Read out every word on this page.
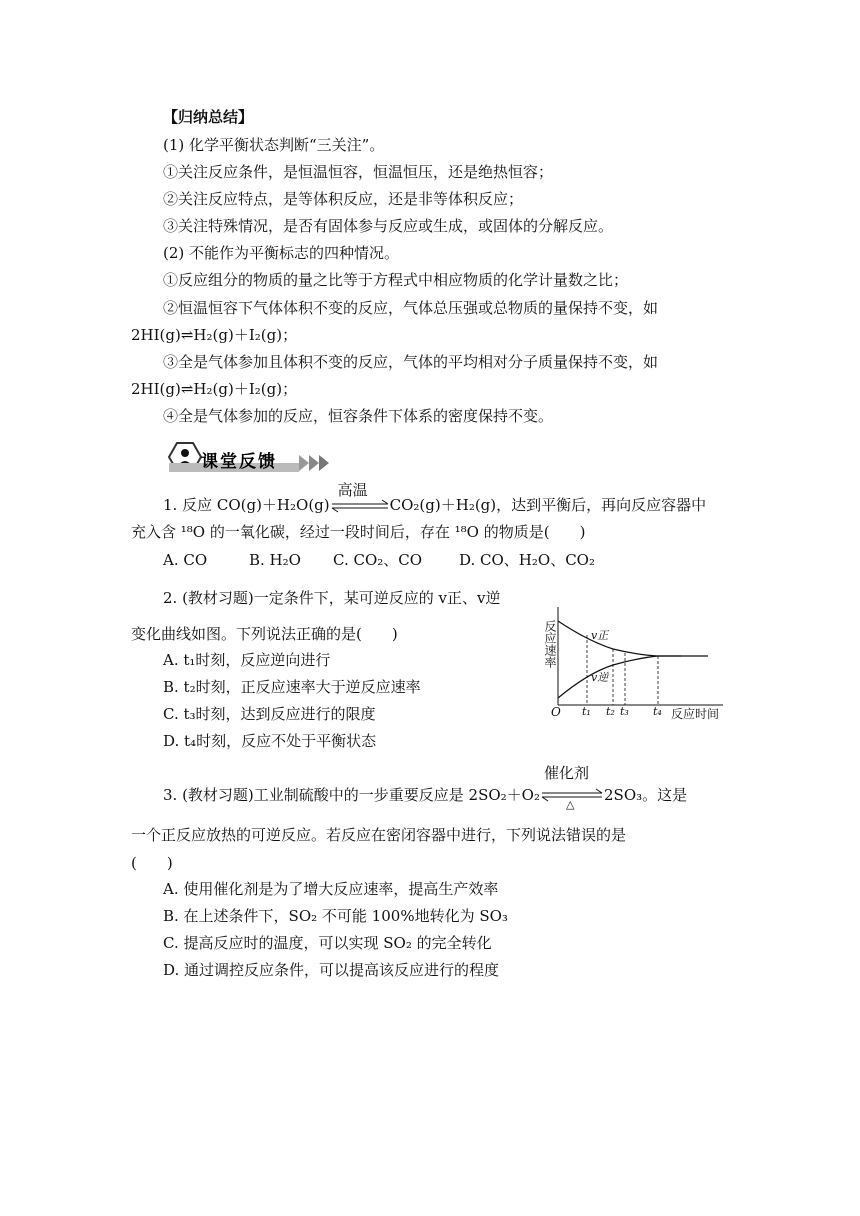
【归纳总结】
(1) 化学平衡状态判断“三关注”。
①关注反应条件，是恒温恒容，恒温恒压，还是绝热恒容；
②关注反应特点，是等体积反应，还是非等体积反应；
③关注特殊情况，是否有固体参与反应或生成，或固体的分解反应。
(2) 不能作为平衡标志的四种情况。
①反应组分的物质的量之比等于方程式中相应物质的化学计量数之比；
②恒温恒容下气体体积不变的反应，气体总压强或总物质的量保持不变，如
2HI(g)⇌H₂(g)＋I₂(g)；
③全是气体参加且体积不变的反应，气体的平均相对分子质量保持不变，如
2HI(g)⇌H₂(g)＋I₂(g)；
④全是气体参加的反应，恒容条件下体系的密度保持不变。
课堂反馈
1. 反应 CO(g)＋H₂O(g)
高温
CO₂(g)＋H₂(g)，达到平衡后，再向反应容器中
充入含 ¹⁸O 的一氧化碳，经过一段时间后，存在 ¹⁸O 的物质是(　　)
A. CO	B. H₂O C. CO₂、CO D. CO、H₂O、CO₂
2. (教材习题)一定条件下，某可逆反应的 v正、v逆
变化曲线如图。下列说法正确的是(　　)
A. t₁时刻，反应逆向进行
B. t₂时刻，正反应速率大于逆反应速率
C. t₃时刻，达到反应进行的限度
D. t₄时刻，反应不处于平衡状态
反应速率
O t₁ t₂ t₃ t₄ 反应时间
v正
v逆
3. (教材习题)工业制硫酸中的一步重要反应是 2SO₂＋O₂
催化剂
△
2SO₃。这是
一个正反应放热的可逆反应。若反应在密闭容器中进行，下列说法错误的是
(　　)
A. 使用催化剂是为了增大反应速率，提高生产效率
B. 在上述条件下，SO₂ 不可能 100%地转化为 SO₃
C. 提高反应时的温度，可以实现 SO₂ 的完全转化
D. 通过调控反应条件，可以提高该反应进行的程度
